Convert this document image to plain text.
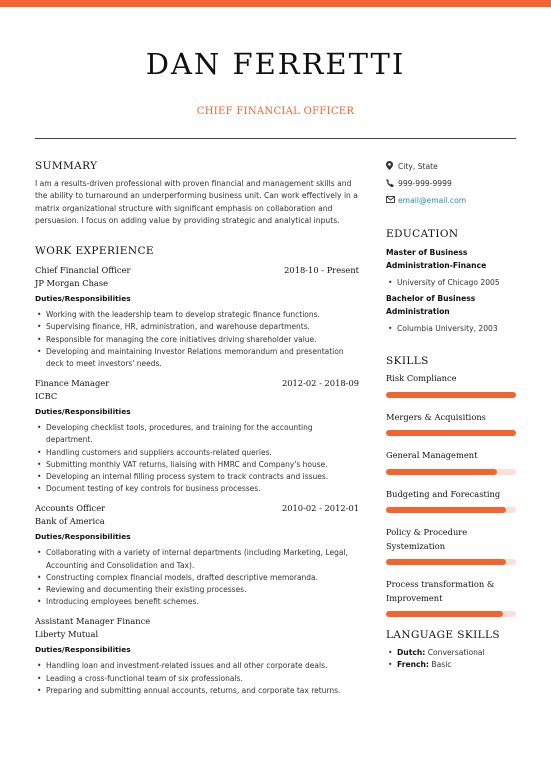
DAN FERRETTI
CHIEF FINANCIAL OFFICER
SUMMARY
I am a results-driven professional with proven financial and management skills and the ability to turnaround an underperforming business unit. Can work effectively in a matrix organizational structure with significant emphasis on collaboration and persuasion. I focus on adding value by providing strategic and analytical inputs.
WORK EXPERIENCE
Chief Financial Officer	2018-10 - Present
JP Morgan Chase
Duties/Responsibilities
• Working with the leadership team to develop strategic finance functions.
• Supervising finance, HR, administration, and warehouse departments.
• Responsible for managing the core initiatives driving shareholder value.
• Developing and maintaining Investor Relations memorandum and presentation deck to meet investors' needs.
Finance Manager	2012-02 - 2018-09
ICBC
Duties/Responsibilities
• Developing checklist tools, procedures, and training for the accounting department.
• Handling customers and suppliers accounts-related queries.
• Submitting monthly VAT returns, liaising with HMRC and Company's house.
• Developing an internal filling process system to track contracts and issues.
• Document testing of key controls for business processes.
Accounts Officer	2010-02 - 2012-01
Bank of America
Duties/Responsibilities
• Collaborating with a variety of internal departments (including Marketing, Legal, Accounting and Consolidation and Tax).
• Constructing complex financial models, drafted descriptive memoranda.
• Reviewing and documenting their existing processes.
• Introducing employees benefit schemes.
Assistant Manager Finance
Liberty Mutual
Duties/Responsibilities
• Handling loan and investment-related issues and all other corporate deals.
• Leading a cross-functional team of six professionals.
• Preparing and submitting annual accounts, returns, and corporate tax returns.
City, State
999-999-9999
email@email.com
EDUCATION
Master of Business Administration-Finance
• University of Chicago 2005
Bachelor of Business Administration
• Columbia University, 2003
SKILLS
Risk Compliance
Mergers & Acquisitions
General Management
Budgeting and Forecasting
Policy & Procedure Systemization
Process transformation & Improvement
LANGUAGE SKILLS
• Dutch: Conversational
• French: Basic
